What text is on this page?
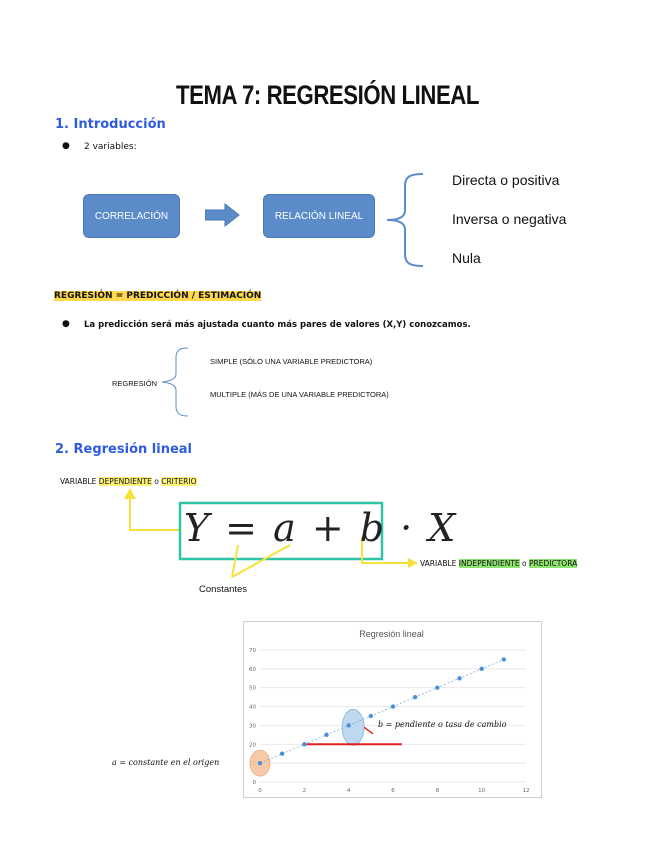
TEMA 7: REGRESIÓN LINEAL
1. Introducción
● 2 variables:
CORRELACIÓN	RELACIÓN LINEAL
Directa o positiva
Inversa o negativa
Nula
REGRESIÓN = PREDICCIÓN / ESTIMACIÓN
● La predicción será más ajustada cuanto más pares de valores (X,Y) conozcamos.
REGRESIÓN
SIMPLE (SÓLO UNA VARIABLE PREDICTORA)
MULTIPLE (MÁS DE UNA VARIABLE PREDICTORA)
2. Regresión lineal
VARIABLE DEPENDIENTE o CRITERIO
Y = a + b · X
VARIABLE INDEPENDIENTE o PREDICTORA
Constantes
Regresión lineal
0
20
30
40
50
60
70
0	2	4	6	8	10	12
a = constante en el origen
b = pendiente o tasa de cambio
